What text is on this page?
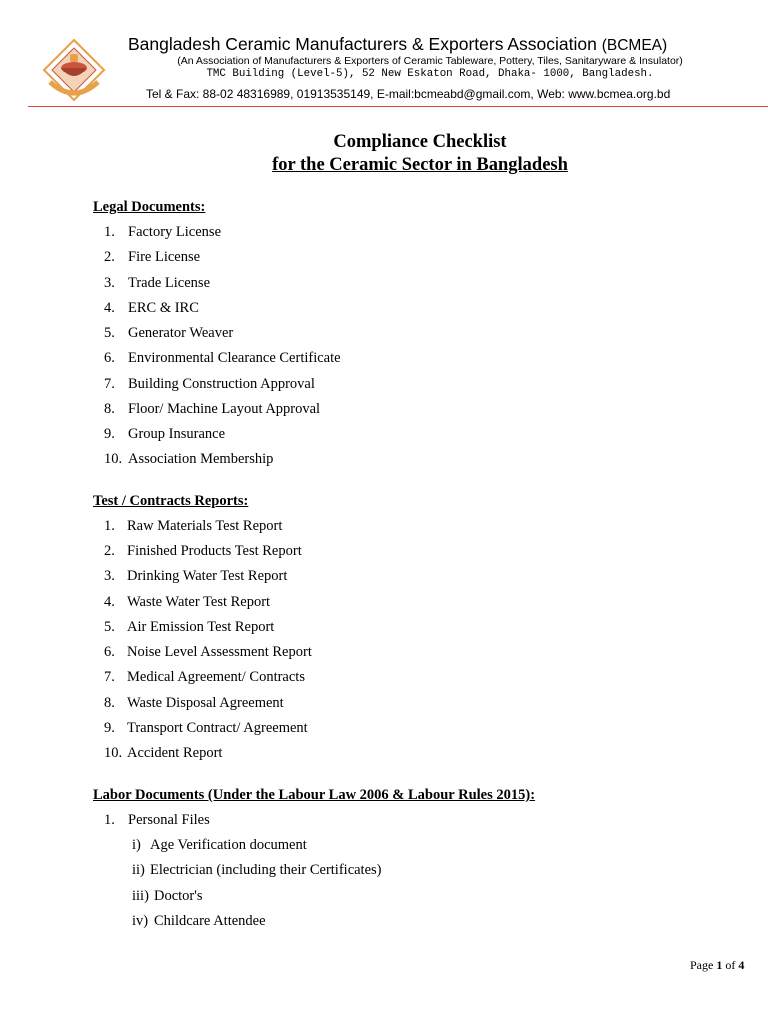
Bangladesh Ceramic Manufacturers & Exporters Association (BCMEA)
(An Association of Manufacturers & Exporters of Ceramic Tableware, Pottery, Tiles, Sanitaryware & Insulator)
TMC Building (Level-5), 52 New Eskaton Road, Dhaka- 1000, Bangladesh.
Tel & Fax: 88-02 48316989, 01913535149, E-mail:bcmeabd@gmail.com, Web: www.bcmea.org.bd
Compliance Checklist
for the Ceramic Sector in Bangladesh
Legal Documents:
1. Factory License
2. Fire License
3. Trade License
4. ERC & IRC
5. Generator Weaver
6. Environmental Clearance Certificate
7. Building Construction Approval
8. Floor/ Machine Layout Approval
9. Group Insurance
10. Association Membership
Test / Contracts Reports:
1. Raw Materials Test Report
2. Finished Products Test Report
3. Drinking Water Test Report
4. Waste Water Test Report
5. Air Emission Test Report
6. Noise Level Assessment Report
7. Medical Agreement/ Contracts
8. Waste Disposal Agreement
9. Transport Contract/ Agreement
10. Accident Report
Labor Documents (Under the Labour Law 2006 & Labour Rules 2015):
1. Personal Files
i) Age Verification document
ii) Electrician (including their Certificates)
iii) Doctor's
iv) Childcare Attendee
Page 1 of 4
